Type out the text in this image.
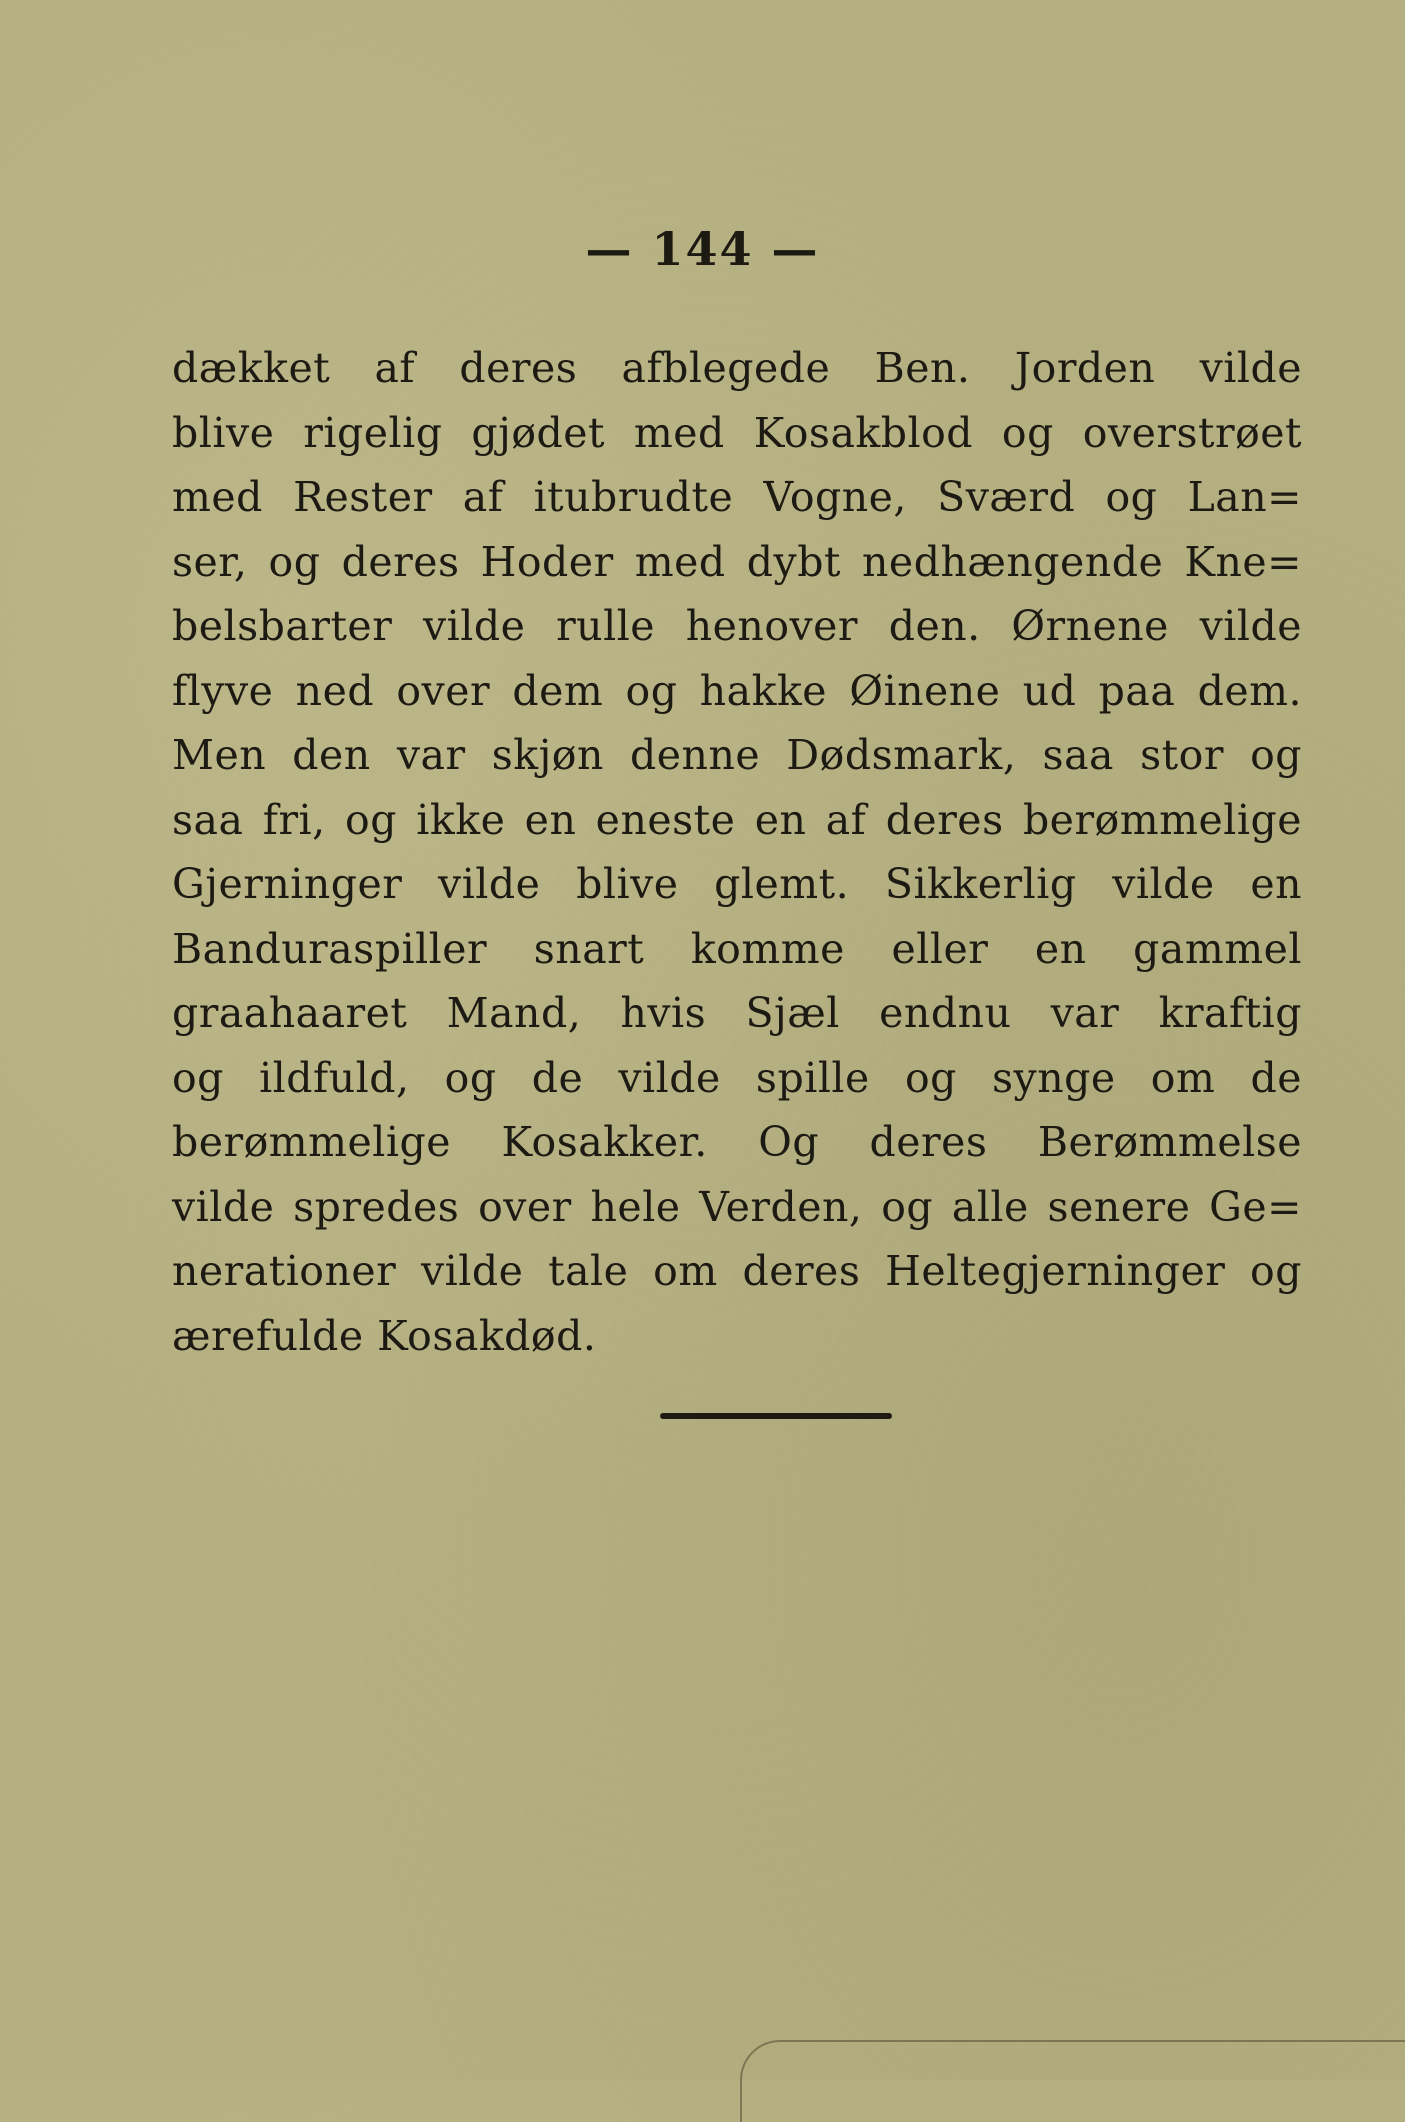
— 144 —
dækket af deres afblegede Ben. Jorden vilde
blive rigelig gjødet med Kosakblod og overstrøet
med Rester af itubrudte Vogne, Sværd og Lan=
ser, og deres Hoder med dybt nedhængende Kne=
belsbarter vilde rulle henover den. Ørnene vilde
flyve ned over dem og hakke Øinene ud paa dem.
Men den var skjøn denne Dødsmark, saa stor og
saa fri, og ikke en eneste en af deres berømmelige
Gjerninger vilde blive glemt. Sikkerlig vilde en
Banduraspiller snart komme eller en gammel
graahaaret Mand, hvis Sjæl endnu var kraftig
og ildfuld, og de vilde spille og synge om de
berømmelige Kosakker. Og deres Berømmelse
vilde spredes over hele Verden, og alle senere Ge=
nerationer vilde tale om deres Heltegjerninger og
ærefulde Kosakdød.
